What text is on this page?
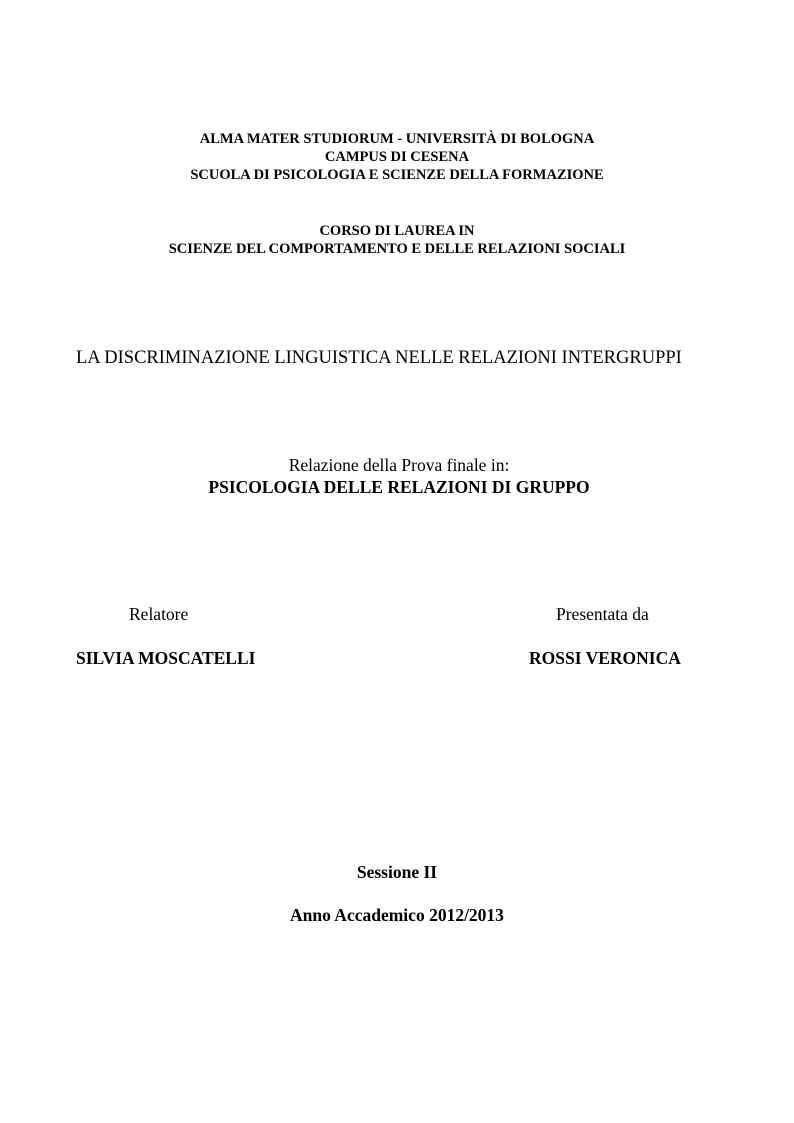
ALMA MATER STUDIORUM - UNIVERSITÀ DI BOLOGNA
CAMPUS DI CESENA
SCUOLA DI PSICOLOGIA E SCIENZE DELLA FORMAZIONE
CORSO DI LAUREA IN
SCIENZE DEL COMPORTAMENTO E DELLE RELAZIONI SOCIALI
LA DISCRIMINAZIONE LINGUISTICA NELLE RELAZIONI INTERGRUPPI
Relazione della Prova finale in:
PSICOLOGIA DELLE RELAZIONI DI GRUPPO
Relatore
SILVIA MOSCATELLI
Presentata da
ROSSI VERONICA
Sessione II
Anno Accademico 2012/2013
